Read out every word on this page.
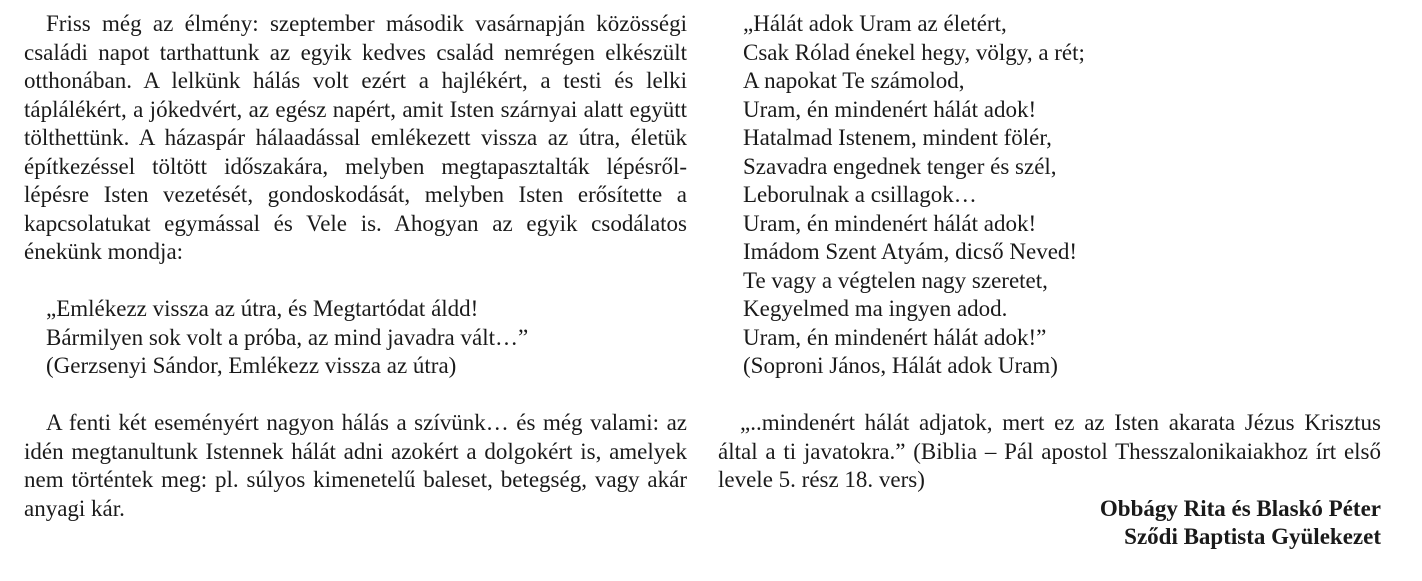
Friss még az élmény: szeptember második vasárnapján közösségi családi napot tarthattunk az egyik kedves család nemrégen elkészült otthonában. A lelkünk hálás volt ezért a hajlékért, a testi és lelki táplálékért, a jókedvért, az egész napért, amit Isten szárnyai alatt együtt tölthettünk. A házaspár hálaadással emlékezett vissza az útra, életük építkezéssel töltött időszakára, melyben megtapasztalták lépésről-lépésre Isten vezetését, gondoskodását, melyben Isten erősítette a kapcsolatukat egymással és Vele is. Ahogyan az egyik csodálatos énekünk mondja:

„Emlékezz vissza az útra, és Megtartódat áldd!
Bármilyen sok volt a próba, az mind javadra vált…”
(Gerzsenyi Sándor, Emlékezz vissza az útra)

A fenti két eseményért nagyon hálás a szívünk… és még valami: az idén megtanultunk Istennek hálát adni azokért a dolgokért is, amelyek nem történtek meg: pl. súlyos kimenetelű baleset, betegség, vagy akár anyagi kár.

„Hálát adok Uram az életért,
Csak Rólad énekel hegy, völgy, a rét;
A napokat Te számolod,
Uram, én mindenért hálát adok!
Hatalmad Istenem, mindent fölér,
Szavadra engednek tenger és szél,
Leborulnak a csillagok…
Uram, én mindenért hálát adok!
Imádom Szent Atyám, dicső Neved!
Te vagy a végtelen nagy szeretet,
Kegyelmed ma ingyen adod.
Uram, én mindenért hálát adok!”
(Soproni János, Hálát adok Uram)

„..mindenért hálát adjatok, mert ez az Isten akarata Jézus Krisztus által a ti javatokra.” (Biblia – Pál apostol Thesszalonikaiakhoz írt első levele 5. rész 18. vers)

Obbágy Rita és Blaskó Péter
Sződi Baptista Gyülekezet
